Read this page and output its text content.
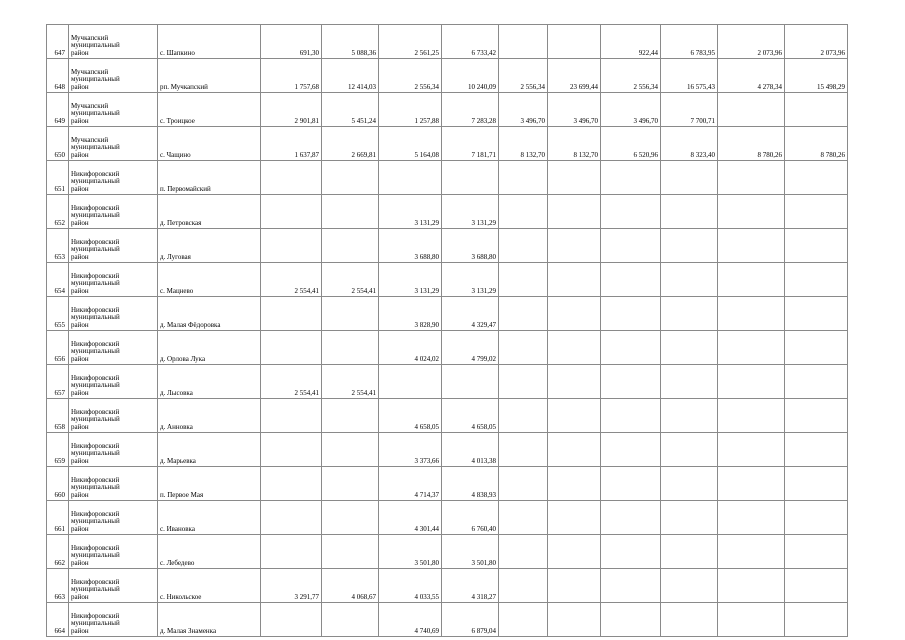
647	Мучкапский
муниципальный
район	с. Шапкино	691,30	5 088,36	2 561,25	6 733,42			922,44	6 783,95	2 073,96	2 073,96
648	Мучкапский
муниципальный
район	рп. Мучкапский	1 757,68	12 414,03	2 556,34	10 240,09	2 556,34	23 699,44	2 556,34	16 575,43	4 278,34	15 498,29
649	Мучкапский
муниципальный
район	с. Троицкое	2 901,81	5 451,24	1 257,88	7 283,28	3 496,70	3 496,70	3 496,70	7 700,71		
650	Мучкапский
муниципальный
район	с. Чащино	1 637,87	2 669,81	5 164,08	7 181,71	8 132,70	8 132,70	6 520,96	8 323,40	8 780,26	8 780,26
651	Никифоровский
муниципальный
район	п. Первомайский										
652	Никифоровский
муниципальный
район	д. Петровская			3 131,29	3 131,29						
653	Никифоровский
муниципальный
район	д. Луговая			3 688,80	3 688,80						
654	Никифоровский
муниципальный
район	с. Мацнево	2 554,41	2 554,41	3 131,29	3 131,29						
655	Никифоровский
муниципальный
район	д. Малая Фёдоровка			3 828,90	4 329,47						
656	Никифоровский
муниципальный
район	д. Орлова Лука			4 024,02	4 799,02						
657	Никифоровский
муниципальный
район	д. Лысовка	2 554,41	2 554,41								
658	Никифоровский
муниципальный
район	д. Анновка			4 658,05	4 658,05						
659	Никифоровский
муниципальный
район	д. Марьевка			3 373,66	4 013,38						
660	Никифоровский
муниципальный
район	п. Первое Мая			4 714,37	4 838,93						
661	Никифоровский
муниципальный
район	с. Ивановка			4 301,44	6 760,40						
662	Никифоровский
муниципальный
район	с. Лебедево			3 501,80	3 501,80						
663	Никифоровский
муниципальный
район	с. Никольское	3 291,77	4 068,67	4 033,55	4 318,27						
664	Никифоровский
муниципальный
район	д. Малая Знаменка			4 740,69	6 879,04						
